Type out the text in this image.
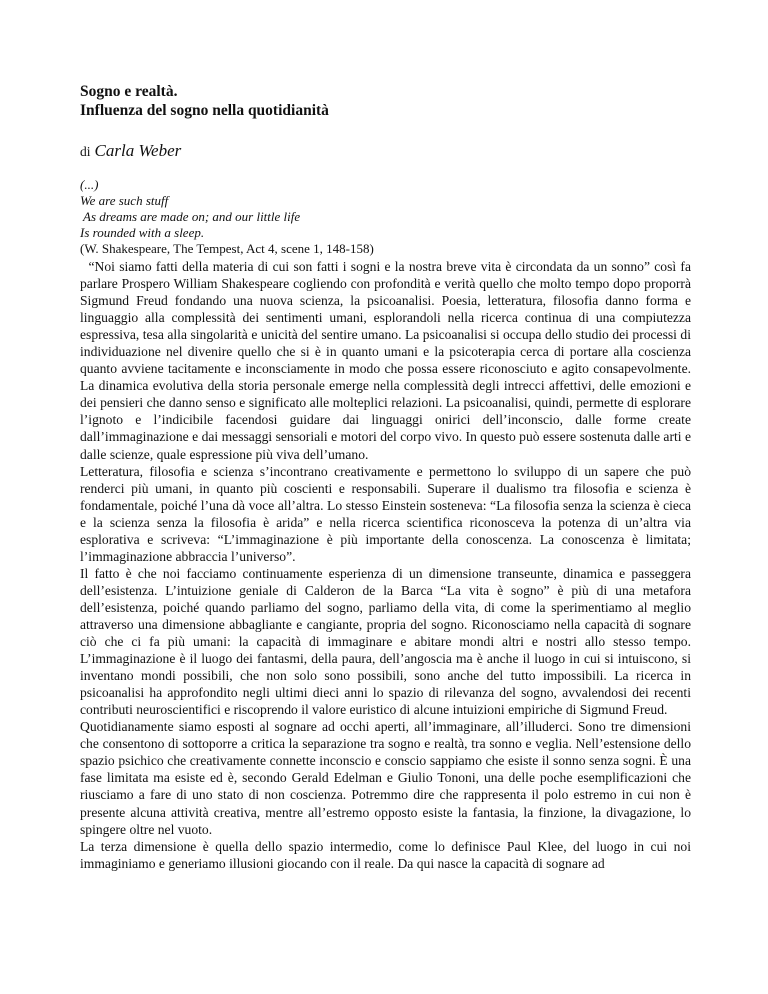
Sogno e realtà.
Influenza del sogno nella quotidianità

di Carla Weber

(...)
We are such stuff
As dreams are made on; and our little life
Is rounded with a sleep.
(W. Shakespeare, The Tempest, Act 4, scene 1, 148-158)

“Noi siamo fatti della materia di cui son fatti i sogni e la nostra breve vita è circondata da un sonno” così fa parlare Prospero William Shakespeare cogliendo con profondità e verità quello che molto tempo dopo proporrà Sigmund Freud fondando una nuova scienza, la psicoanalisi. Poesia, letteratura, filosofia danno forma e linguaggio alla complessità dei sentimenti umani, esplorandoli nella ricerca continua di una compiutezza espressiva, tesa alla singolarità e unicità del sentire umano. La psicoanalisi si occupa dello studio dei processi di individuazione nel divenire quello che si è in quanto umani e la psicoterapia cerca di portare alla coscienza quanto avviene tacitamente e inconsciamente in modo che possa essere riconosciuto e agito consapevolmente. La dinamica evolutiva della storia personale emerge nella complessità degli intrecci affettivi, delle emozioni e dei pensieri che danno senso e significato alle molteplici relazioni. La psicoanalisi, quindi, permette di esplorare l’ignoto e l’indicibile facendosi guidare dai linguaggi onirici dell’inconscio, dalle forme create dall’immaginazione e dai messaggi sensoriali e motori del corpo vivo. In questo può essere sostenuta dalle arti e dalle scienze, quale espressione più viva dell’umano.

Letteratura, filosofia e scienza s’incontrano creativamente e permettono lo sviluppo di un sapere che può renderci più umani, in quanto più coscienti e responsabili. Superare il dualismo tra filosofia e scienza è fondamentale, poiché l’una dà voce all’altra. Lo stesso Einstein sosteneva: “La filosofia senza la scienza è cieca e la scienza senza la filosofia è arida” e nella ricerca scientifica riconosceva la potenza di un’altra via esplorativa e scriveva: “L’immaginazione è più importante della conoscenza. La conoscenza è limitata; l’immaginazione abbraccia l’universo”.

Il fatto è che noi facciamo continuamente esperienza di un dimensione transeunte, dinamica e passeggera dell’esistenza. L’intuizione geniale di Calderon de la Barca “La vita è sogno” è più di una metafora dell’esistenza, poiché quando parliamo del sogno, parliamo della vita, di come la sperimentiamo al meglio attraverso una dimensione abbagliante e cangiante, propria del sogno. Riconosciamo nella capacità di sognare ciò che ci fa più umani: la capacità di immaginare e abitare mondi altri e nostri allo stesso tempo. L’immaginazione è il luogo dei fantasmi, della paura, dell’angoscia ma è anche il luogo in cui si intuiscono, si inventano mondi possibili, che non solo sono possibili, sono anche del tutto impossibili. La ricerca in psicoanalisi ha approfondito negli ultimi dieci anni lo spazio di rilevanza del sogno, avvalendosi dei recenti contributi neuroscientifici e riscoprendo il valore euristico di alcune intuizioni empiriche di Sigmund Freud.

Quotidianamente siamo esposti al sognare ad occhi aperti, all’immaginare, all’illuderci. Sono tre dimensioni che consentono di sottoporre a critica la separazione tra sogno e realtà, tra sonno e veglia. Nell’estensione dello spazio psichico che creativamente connette inconscio e conscio sappiamo che esiste il sonno senza sogni. È una fase limitata ma esiste ed è, secondo Gerald Edelman e Giulio Tononi, una delle poche esemplificazioni che riusciamo a fare di uno stato di non coscienza. Potremmo dire che rappresenta il polo estremo in cui non è presente alcuna attività creativa, mentre all’estremo opposto esiste la fantasia, la finzione, la divagazione, lo spingere oltre nel vuoto.

La terza dimensione è quella dello spazio intermedio, come lo definisce Paul Klee, del luogo in cui noi immaginiamo e generiamo illusioni giocando con il reale. Da qui nasce la capacità di sognare ad
